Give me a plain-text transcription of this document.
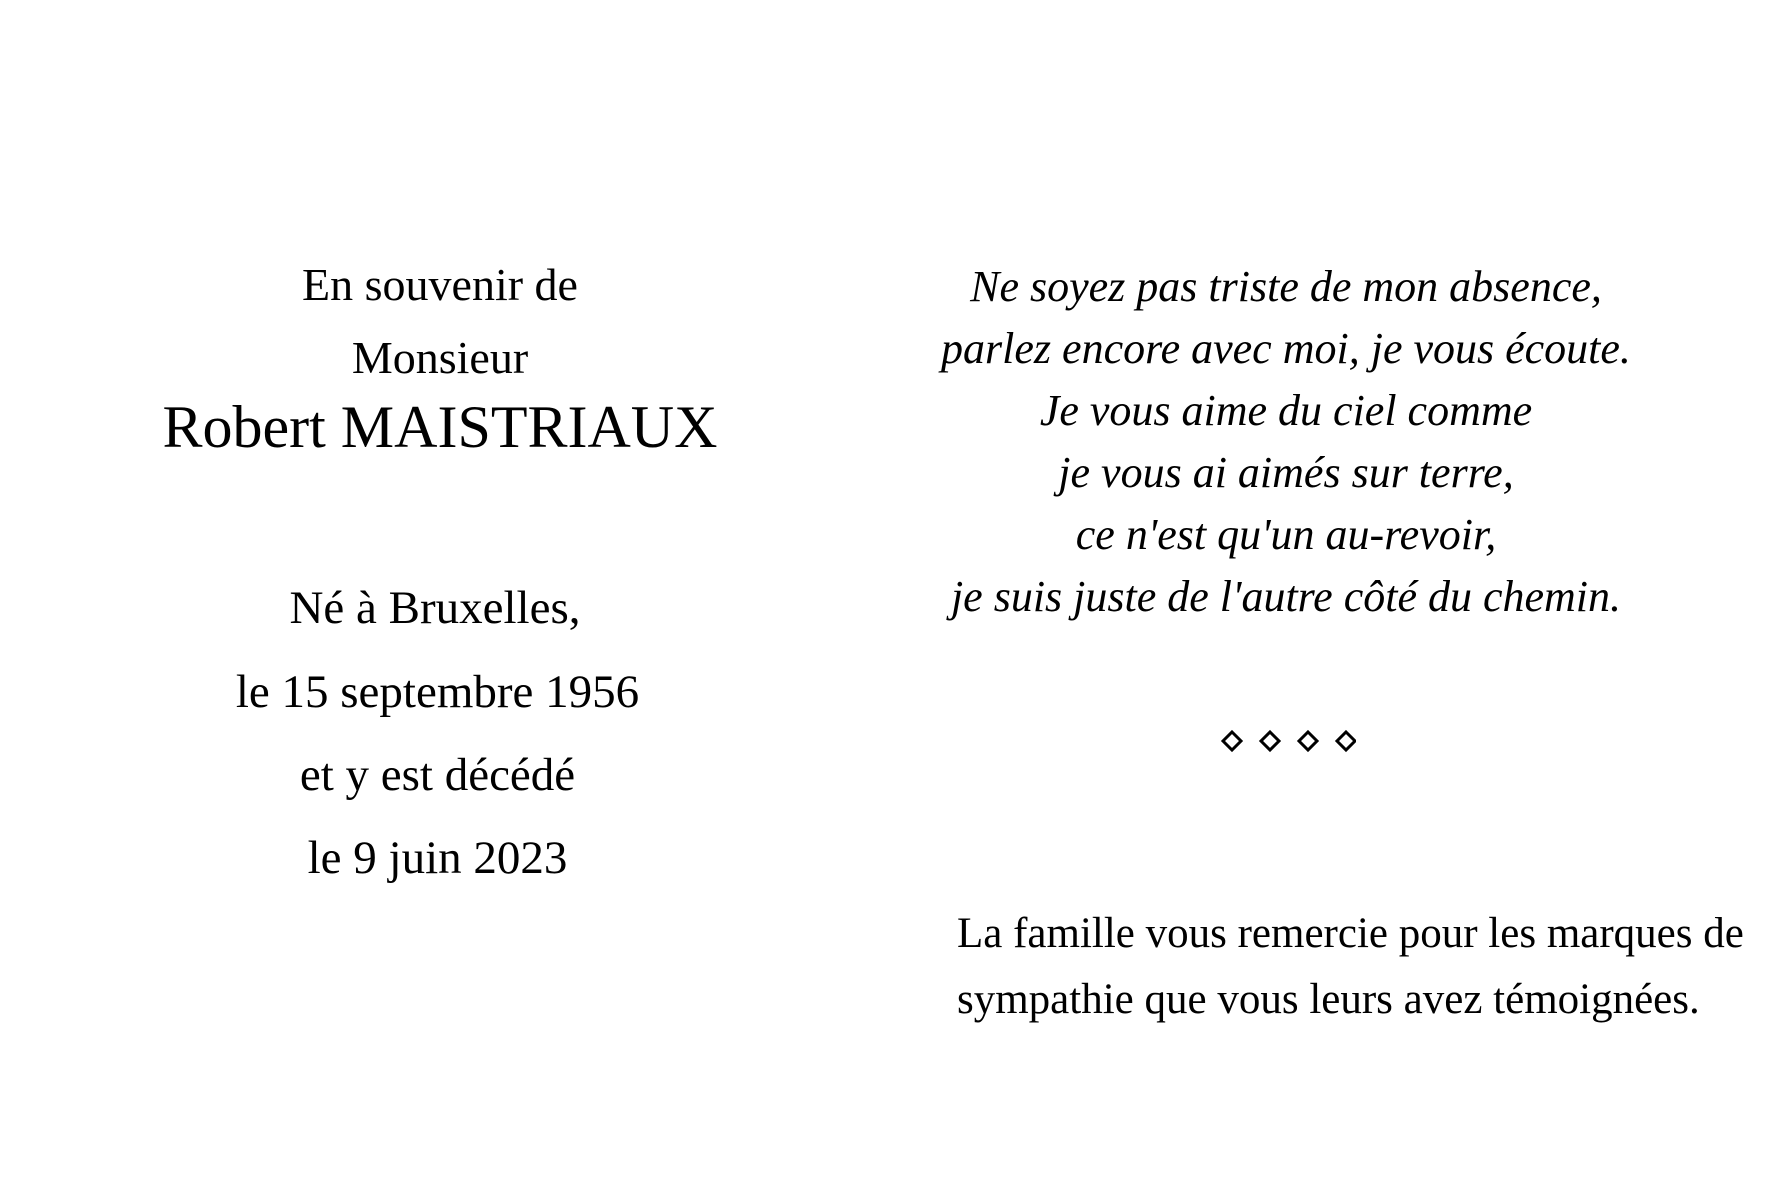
En souvenir de
Monsieur
Robert MAISTRIAUX
Né à Bruxelles,
le 15 septembre 1956
et y est décédé
le 9 juin 2023
Ne soyez pas triste de mon absence,
parlez encore avec moi, je vous écoute.
Je vous aime du ciel comme
je vous ai aimés sur terre,
ce n'est qu'un au-revoir,
je suis juste de l'autre côté du chemin.
La famille vous remercie pour les marques de
sympathie que vous leurs avez témoignées.
